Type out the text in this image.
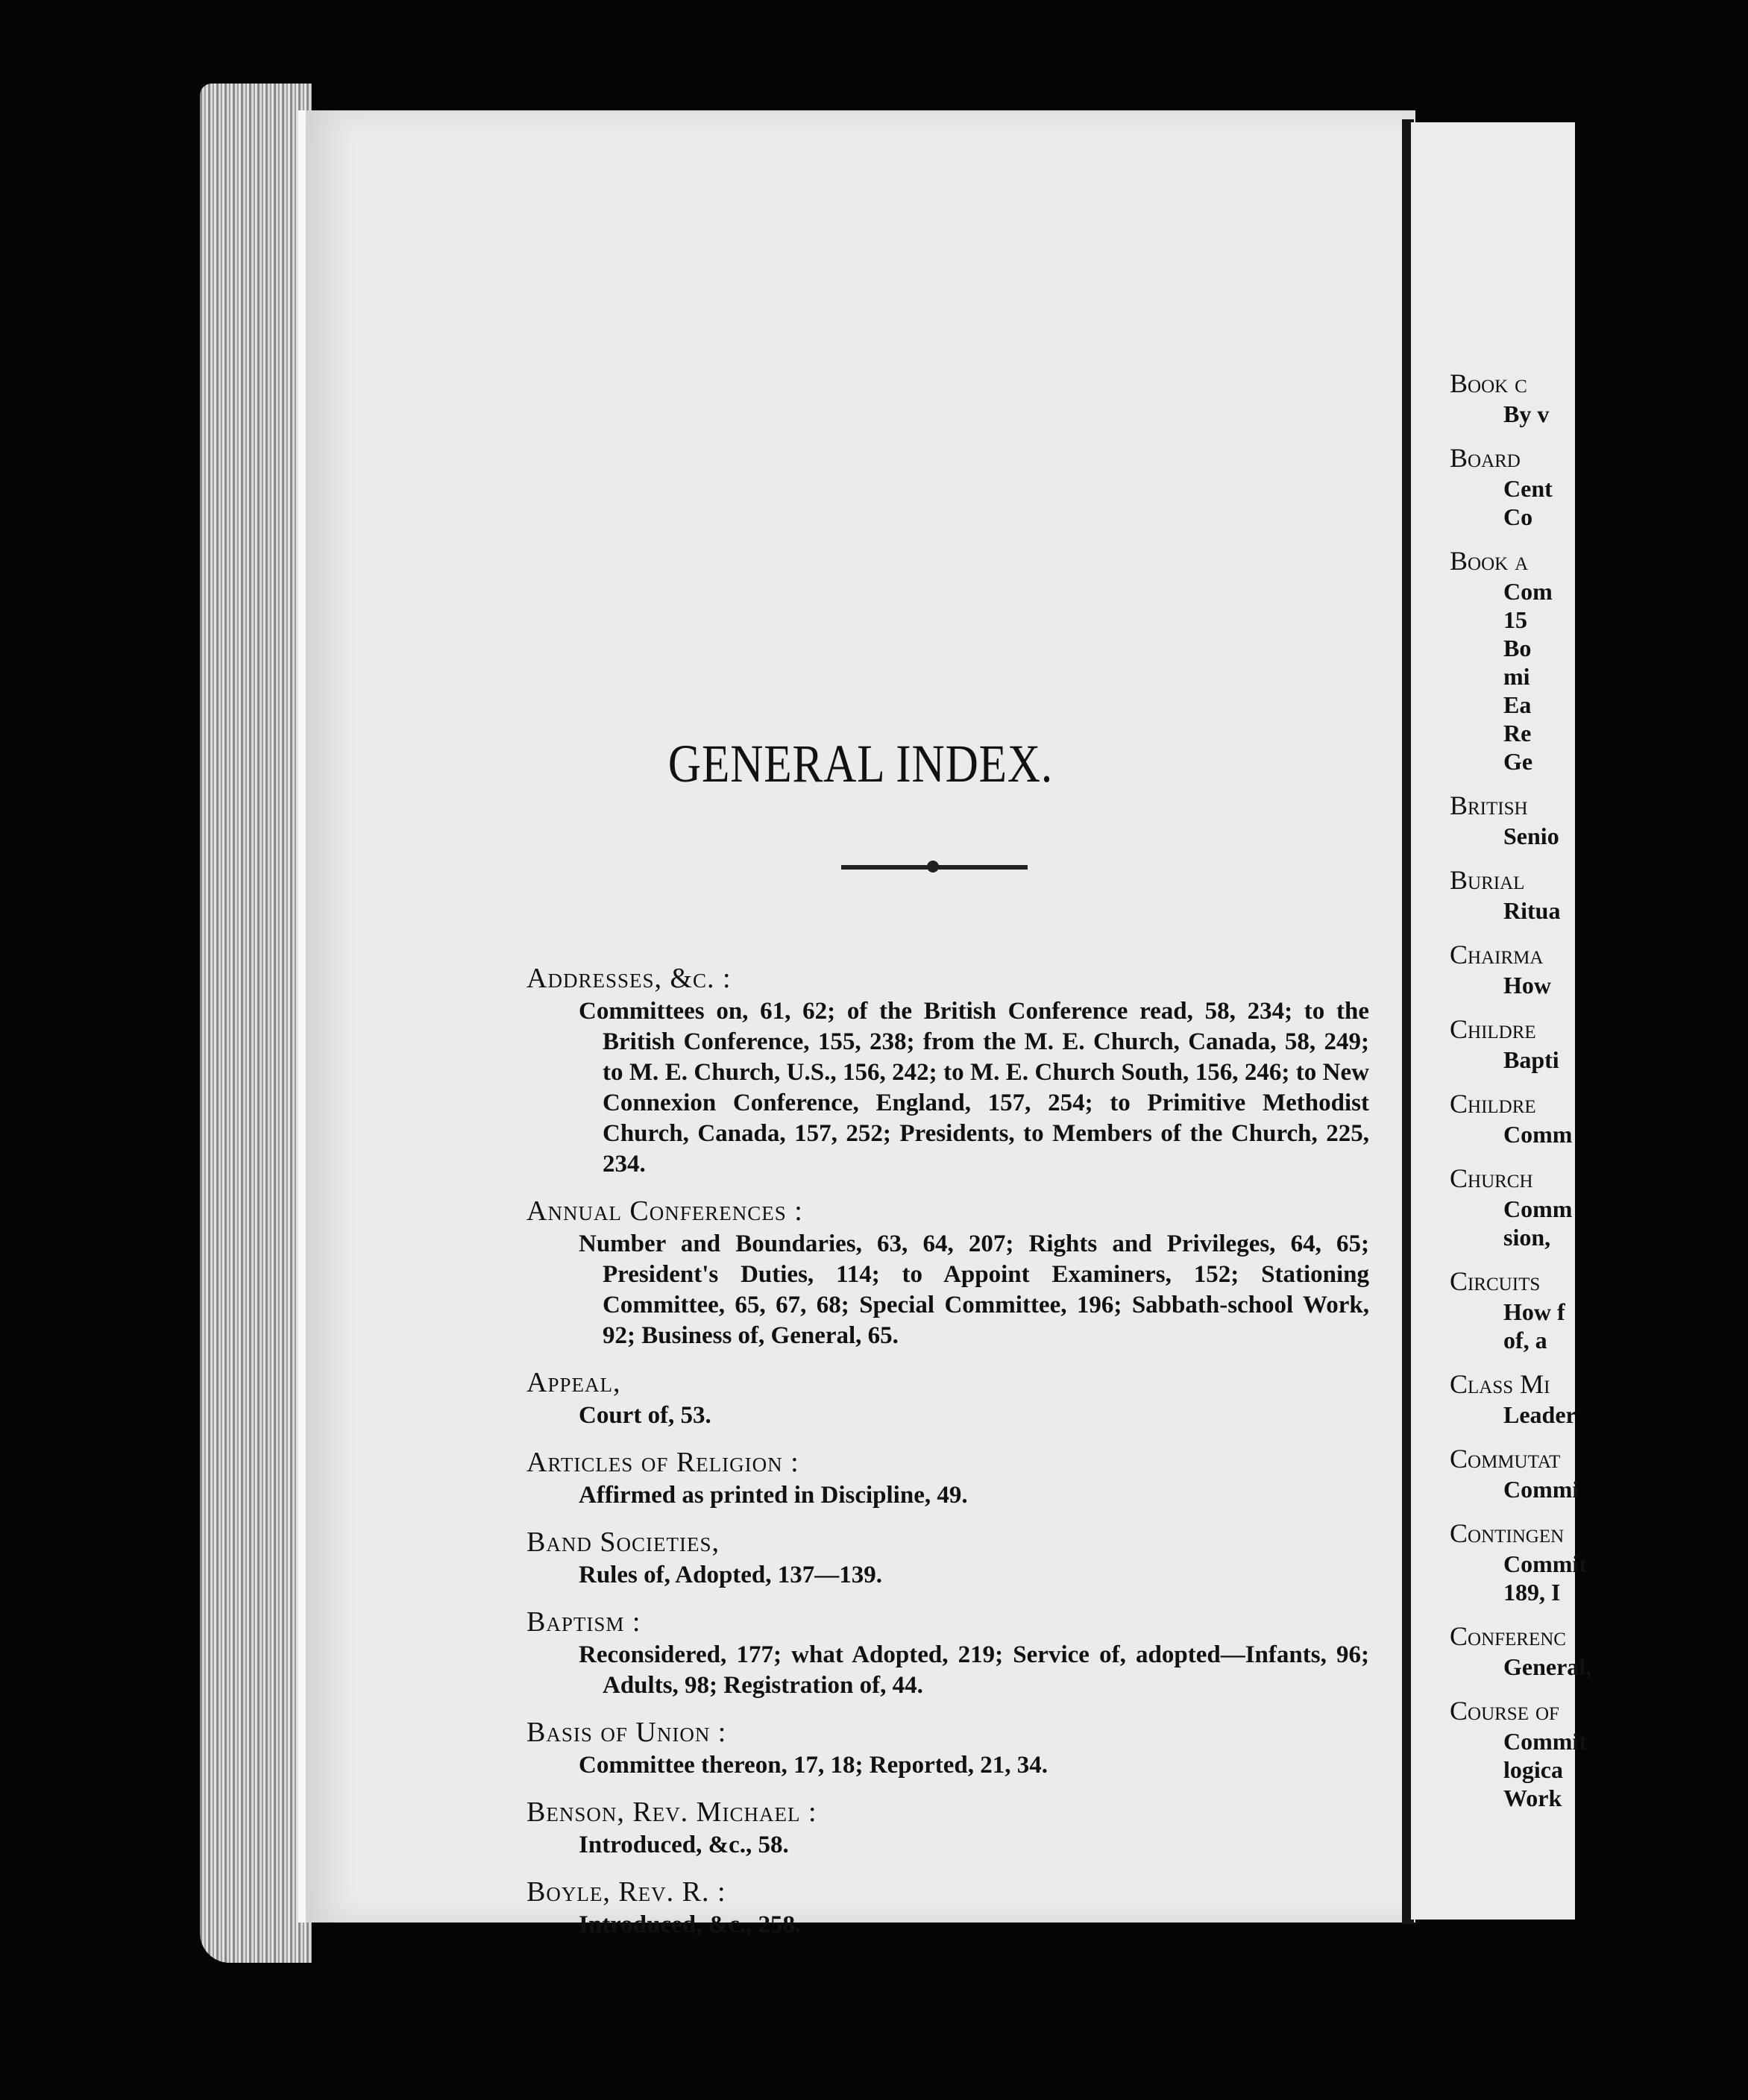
GENERAL INDEX.
Addresses, &c. :
Committees on, 61, 62; of the British Conference read, 58, 234; to the British Conference, 155, 238; from the M. E. Church, Canada, 58, 249; to M. E. Church, U.S., 156, 242; to M. E. Church South, 156, 246; to New Connexion Conference, England, 157, 254; to Primitive Methodist Church, Canada, 157, 252; Presidents, to Members of the Church, 225, 234.
Annual Conferences :
Number and Boundaries, 63, 64, 207; Rights and Privileges, 64, 65; President's Duties, 114; to Appoint Examiners, 152; Stationing Committee, 65, 67, 68; Special Committee, 196; Sabbath-school Work, 92; Business of, General, 65.
Appeal,
Court of, 53.
Articles of Religion :
Affirmed as printed in Discipline, 49.
Band Societies,
Rules of, Adopted, 137—139.
Baptism :
Reconsidered, 177; what Adopted, 219; Service of, adopted—Infants, 96; Adults, 98; Registration of, 44.
Basis of Union :
Committee thereon, 17, 18; Reported, 21, 34.
Benson, Rev. Michael :
Introduced, &c., 58.
Boyle, Rev. R. :
Introduced, &c., 258.
Book c
By v
Board
Cent
Co
Book a
Com
15
Bo
mi
Ea
Re
Ge
British
Senio
Burial
Ritua
Chairma
How
Childre
Bapti
Childre
Comm
Church
Comm
sion,
Circuits
How f
of, a
Class Mi
Leader
Commutat
Commi
Contingen
Commit
189, I
Conferenc
General,
Course of
Commit
logica
Work
